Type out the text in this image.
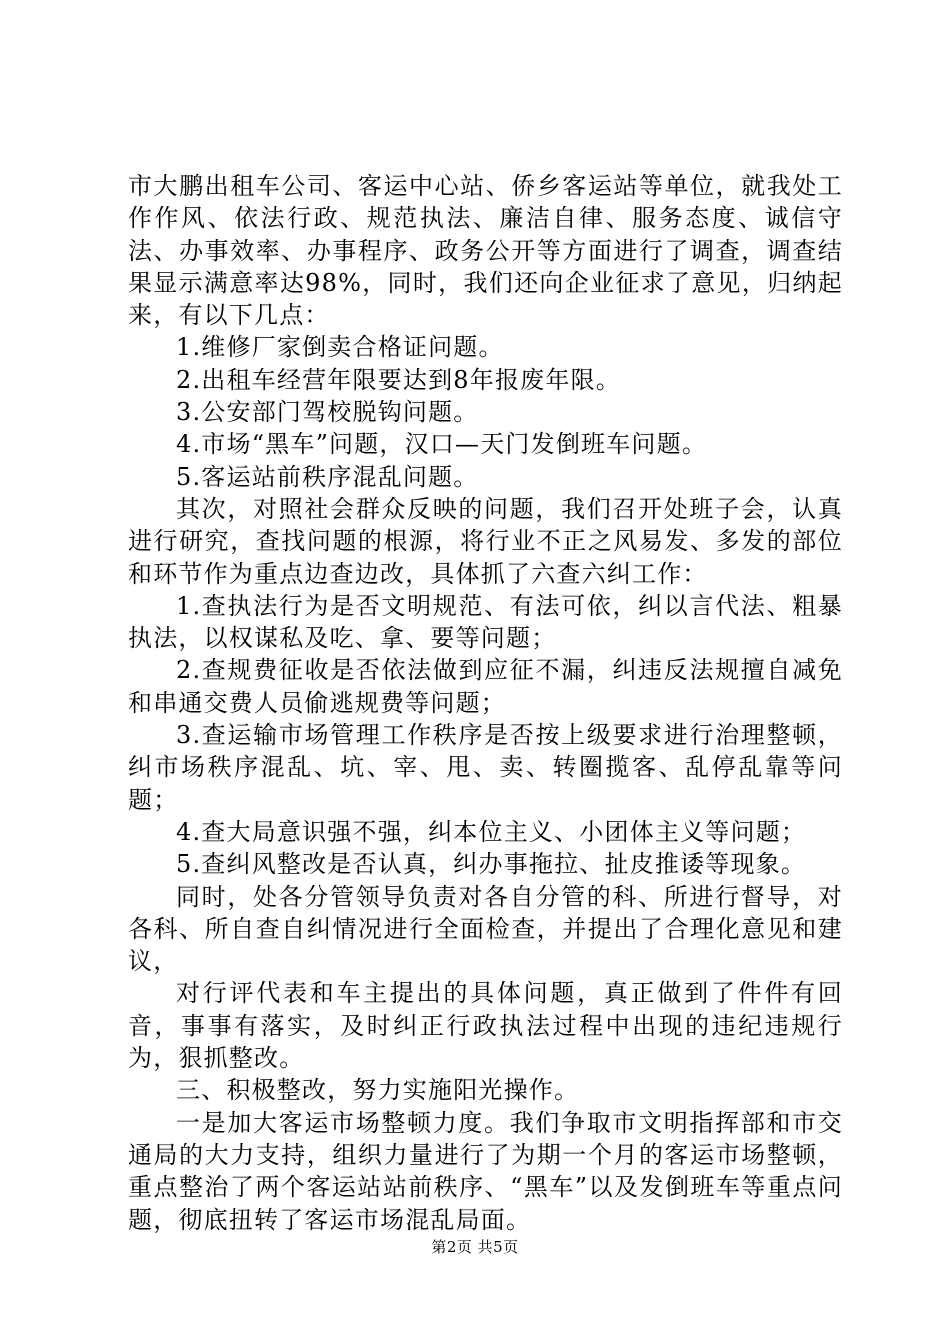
市大鹏出租车公司、客运中心站、侨乡客运站等单位，就我处工作作风、依法行政、规范执法、廉洁自律、服务态度、诚信守法、办事效率、办事程序、政务公开等方面进行了调查，调查结果显示满意率达98%，同时，我们还向企业征求了意见，归纳起来，有以下几点：

1.维修厂家倒卖合格证问题。

2.出租车经营年限要达到8年报废年限。

3.公安部门驾校脱钩问题。

4.市场“黑车”问题，汉口—天门发倒班车问题。

5.客运站前秩序混乱问题。

其次，对照社会群众反映的问题，我们召开处班子会，认真进行研究，查找问题的根源，将行业不正之风易发、多发的部位和环节作为重点边查边改，具体抓了六查六纠工作：

1.查执法行为是否文明规范、有法可依，纠以言代法、粗暴执法，以权谋私及吃、拿、要等问题；

2.查规费征收是否依法做到应征不漏，纠违反法规擅自减免和串通交费人员偷逃规费等问题；

3.查运输市场管理工作秩序是否按上级要求进行治理整顿，纠市场秩序混乱、坑、宰、甩、卖、转圈揽客、乱停乱靠等问题；

4.查大局意识强不强，纠本位主义、小团体主义等问题；

5.查纠风整改是否认真，纠办事拖拉、扯皮推诿等现象。

同时，处各分管领导负责对各自分管的科、所进行督导，对各科、所自查自纠情况进行全面检查，并提出了合理化意见和建议，

对行评代表和车主提出的具体问题，真正做到了件件有回音，事事有落实，及时纠正行政执法过程中出现的违纪违规行为，狠抓整改。

三、积极整改，努力实施阳光操作。

一是加大客运市场整顿力度。我们争取市文明指挥部和市交通局的大力支持，组织力量进行了为期一个月的客运市场整顿，重点整治了两个客运站站前秩序、“黑车”以及发倒班车等重点问题，彻底扭转了客运市场混乱局面。

第2页 共5页
